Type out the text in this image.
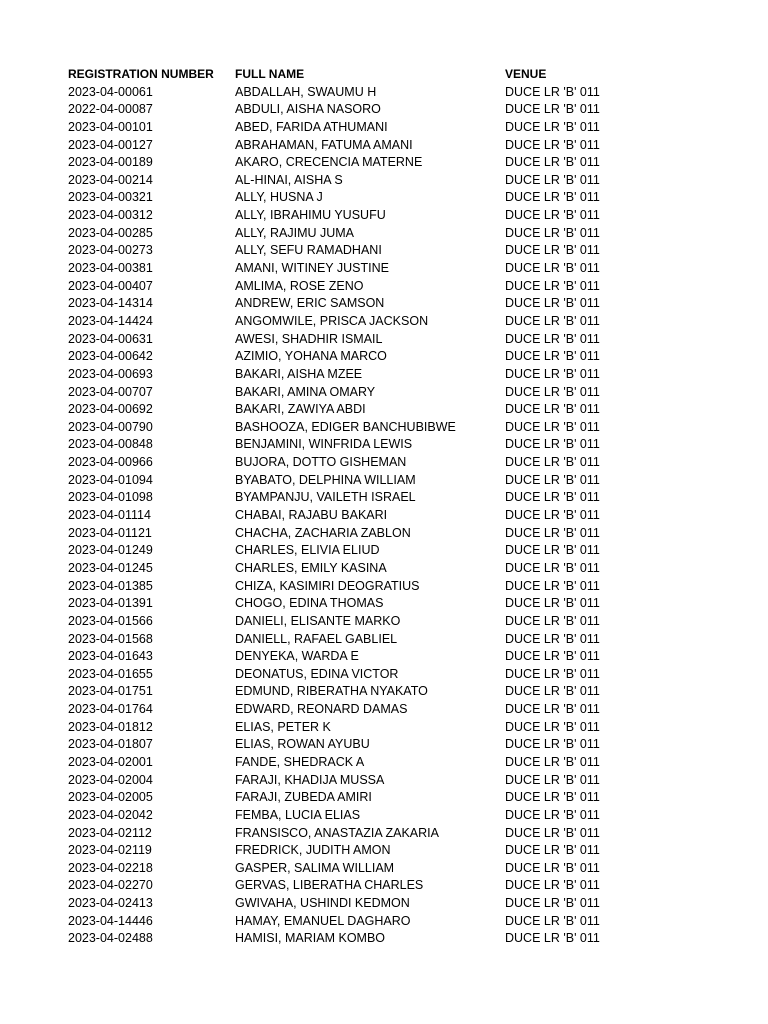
REGISTRATION NUMBER	FULL NAME	VENUE
2023-04-00061	ABDALLAH, SWAUMU H	DUCE LR 'B' 011
2022-04-00087	ABDULI, AISHA NASORO	DUCE LR 'B' 011
2023-04-00101	ABED, FARIDA ATHUMANI	DUCE LR 'B' 011
2023-04-00127	ABRAHAMAN, FATUMA AMANI	DUCE LR 'B' 011
2023-04-00189	AKARO, CRECENCIA MATERNE	DUCE LR 'B' 011
2023-04-00214	AL-HINAI, AISHA S	DUCE LR 'B' 011
2023-04-00321	ALLY, HUSNA J	DUCE LR 'B' 011
2023-04-00312	ALLY, IBRAHIMU YUSUFU	DUCE LR 'B' 011
2023-04-00285	ALLY, RAJIMU JUMA	DUCE LR 'B' 011
2023-04-00273	ALLY, SEFU RAMADHANI	DUCE LR 'B' 011
2023-04-00381	AMANI, WITINEY JUSTINE	DUCE LR 'B' 011
2023-04-00407	AMLIMA, ROSE ZENO	DUCE LR 'B' 011
2023-04-14314	ANDREW, ERIC SAMSON	DUCE LR 'B' 011
2023-04-14424	ANGOMWILE, PRISCA JACKSON	DUCE LR 'B' 011
2023-04-00631	AWESI, SHADHIR ISMAIL	DUCE LR 'B' 011
2023-04-00642	AZIMIO, YOHANA MARCO	DUCE LR 'B' 011
2023-04-00693	BAKARI, AISHA MZEE	DUCE LR 'B' 011
2023-04-00707	BAKARI, AMINA OMARY	DUCE LR 'B' 011
2023-04-00692	BAKARI, ZAWIYA ABDI	DUCE LR 'B' 011
2023-04-00790	BASHOOZA, EDIGER BANCHUBIBWE	DUCE LR 'B' 011
2023-04-00848	BENJAMINI, WINFRIDA LEWIS	DUCE LR 'B' 011
2023-04-00966	BUJORA, DOTTO GISHEMAN	DUCE LR 'B' 011
2023-04-01094	BYABATO, DELPHINA WILLIAM	DUCE LR 'B' 011
2023-04-01098	BYAMPANJU, VAILETH ISRAEL	DUCE LR 'B' 011
2023-04-01114	CHABAI, RAJABU BAKARI	DUCE LR 'B' 011
2023-04-01121	CHACHA, ZACHARIA ZABLON	DUCE LR 'B' 011
2023-04-01249	CHARLES, ELIVIA ELIUD	DUCE LR 'B' 011
2023-04-01245	CHARLES, EMILY KASINA	DUCE LR 'B' 011
2023-04-01385	CHIZA, KASIMIRI DEOGRATIUS	DUCE LR 'B' 011
2023-04-01391	CHOGO, EDINA THOMAS	DUCE LR 'B' 011
2023-04-01566	DANIELI, ELISANTE MARKO	DUCE LR 'B' 011
2023-04-01568	DANIELL, RAFAEL GABLIEL	DUCE LR 'B' 011
2023-04-01643	DENYEKA, WARDA E	DUCE LR 'B' 011
2023-04-01655	DEONATUS, EDINA VICTOR	DUCE LR 'B' 011
2023-04-01751	EDMUND, RIBERATHA NYAKATO	DUCE LR 'B' 011
2023-04-01764	EDWARD, REONARD DAMAS	DUCE LR 'B' 011
2023-04-01812	ELIAS, PETER K	DUCE LR 'B' 011
2023-04-01807	ELIAS, ROWAN AYUBU	DUCE LR 'B' 011
2023-04-02001	FANDE, SHEDRACK A	DUCE LR 'B' 011
2023-04-02004	FARAJI, KHADIJA MUSSA	DUCE LR 'B' 011
2023-04-02005	FARAJI, ZUBEDA AMIRI	DUCE LR 'B' 011
2023-04-02042	FEMBA, LUCIA ELIAS	DUCE LR 'B' 011
2023-04-02112	FRANSISCO, ANASTAZIA ZAKARIA	DUCE LR 'B' 011
2023-04-02119	FREDRICK, JUDITH AMON	DUCE LR 'B' 011
2023-04-02218	GASPER, SALIMA WILLIAM	DUCE LR 'B' 011
2023-04-02270	GERVAS, LIBERATHA CHARLES	DUCE LR 'B' 011
2023-04-02413	GWIVAHA, USHINDI KEDMON	DUCE LR 'B' 011
2023-04-14446	HAMAY, EMANUEL DAGHARO	DUCE LR 'B' 011
2023-04-02488	HAMISI, MARIAM KOMBO	DUCE LR 'B' 011
